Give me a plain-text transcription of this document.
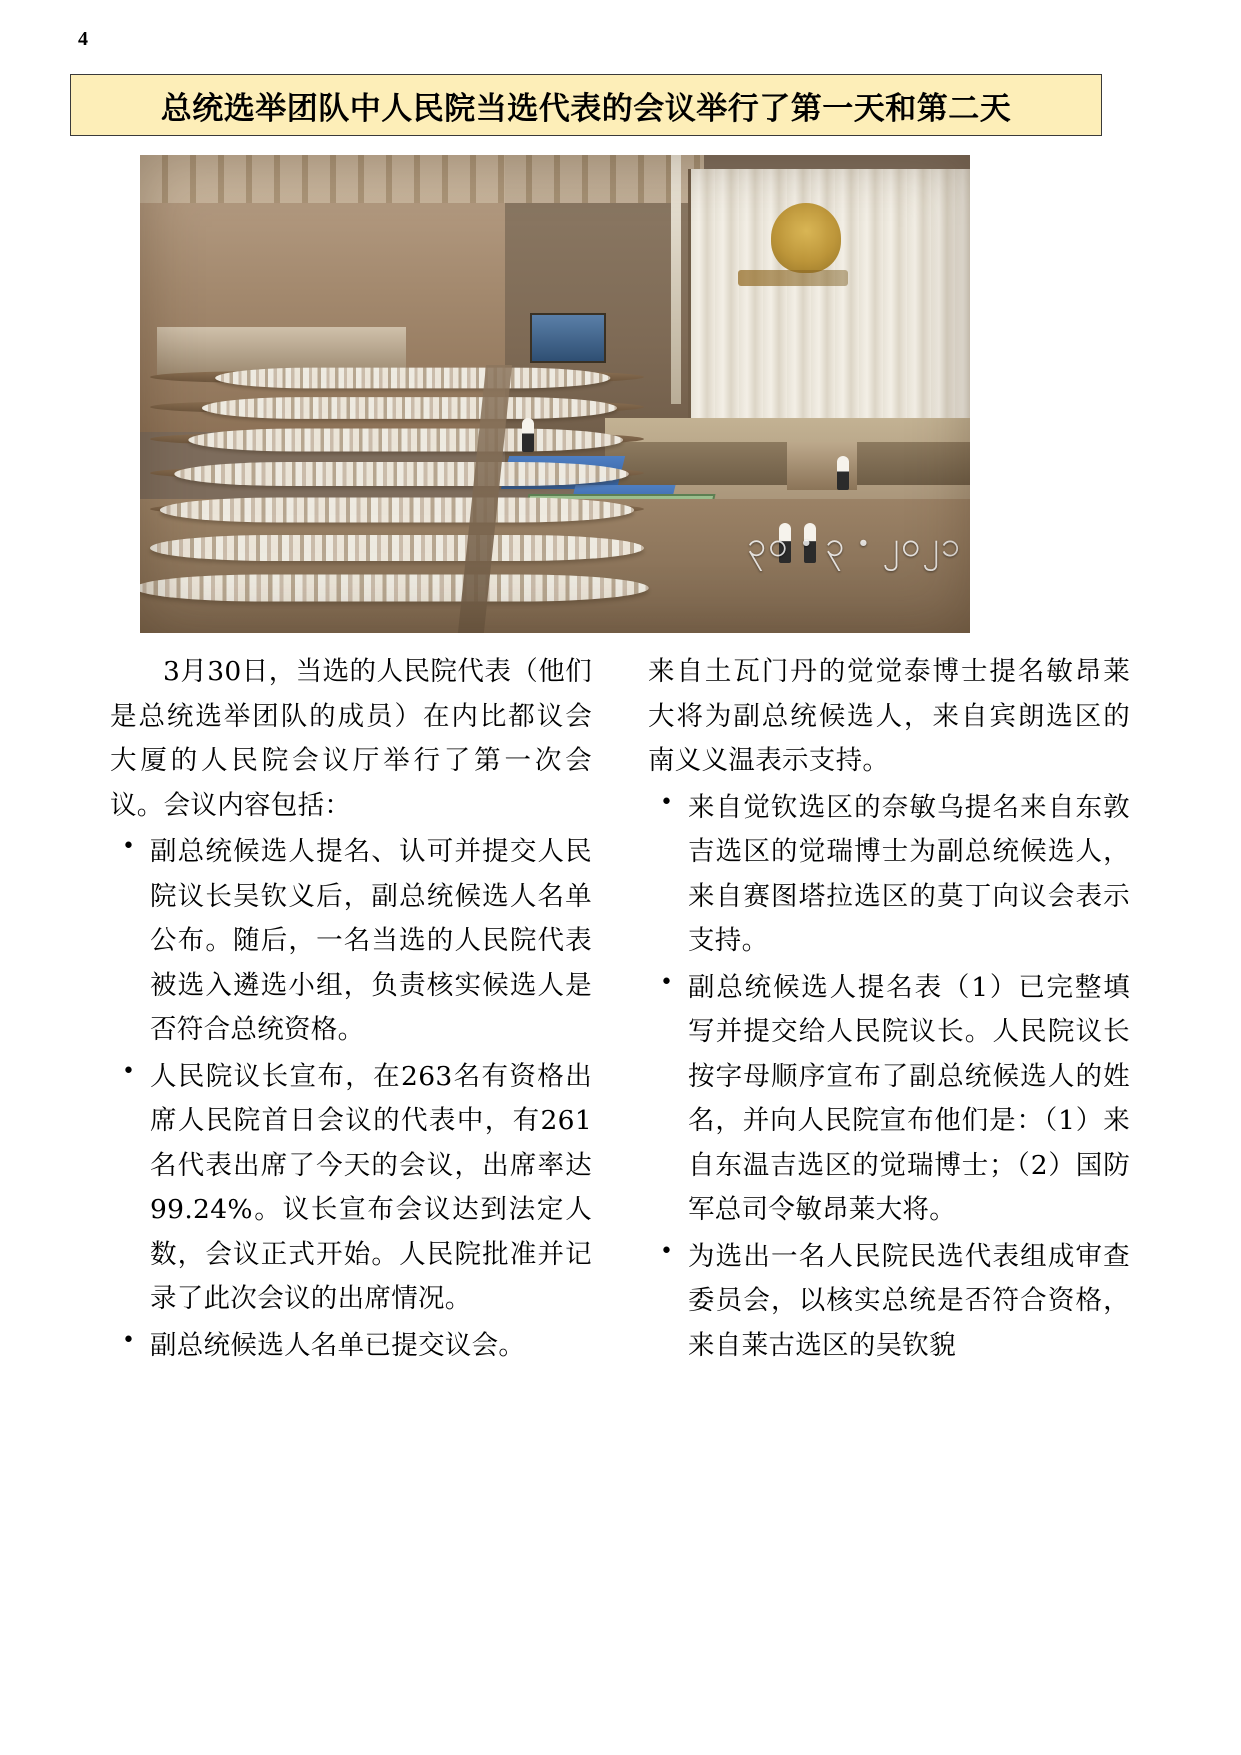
4
总统选举团队中人民院当选代表的会议举行了第一天和第二天
၃၀・၃・၂၀၂၁

3月30日，当选的人民院代表（他们是总统选举团队的成员）在内比都议会大厦的人民院会议厅举行了第一次会议。会议内容包括：

• 副总统候选人提名、认可并提交人民院议长吴钦义后，副总统候选人名单公布。随后，一名当选的人民院代表被选入遴选小组，负责核实候选人是否符合总统资格。
• 人民院议长宣布，在263名有资格出席人民院首日会议的代表中，有261名代表出席了今天的会议，出席率达99.24%。议长宣布会议达到法定人数，会议正式开始。人民院批准并记录了此次会议的出席情况。
• 副总统候选人名单已提交议会。

来自土瓦门丹的觉觉泰博士提名敏昂莱大将为副总统候选人，来自宾朗选区的南义义温表示支持。

• 来自觉钦选区的奈敏乌提名来自东敦吉选区的觉瑞博士为副总统候选人，来自赛图塔拉选区的莫丁向议会表示支持。
• 副总统候选人提名表（1）已完整填写并提交给人民院议长。人民院议长按字母顺序宣布了副总统候选人的姓名，并向人民院宣布他们是：（1）来自东温吉选区的觉瑞博士；（2）国防军总司令敏昂莱大将。
• 为选出一名人民院民选代表组成审查委员会，以核实总统是否符合资格，来自莱古选区的吴钦貌
